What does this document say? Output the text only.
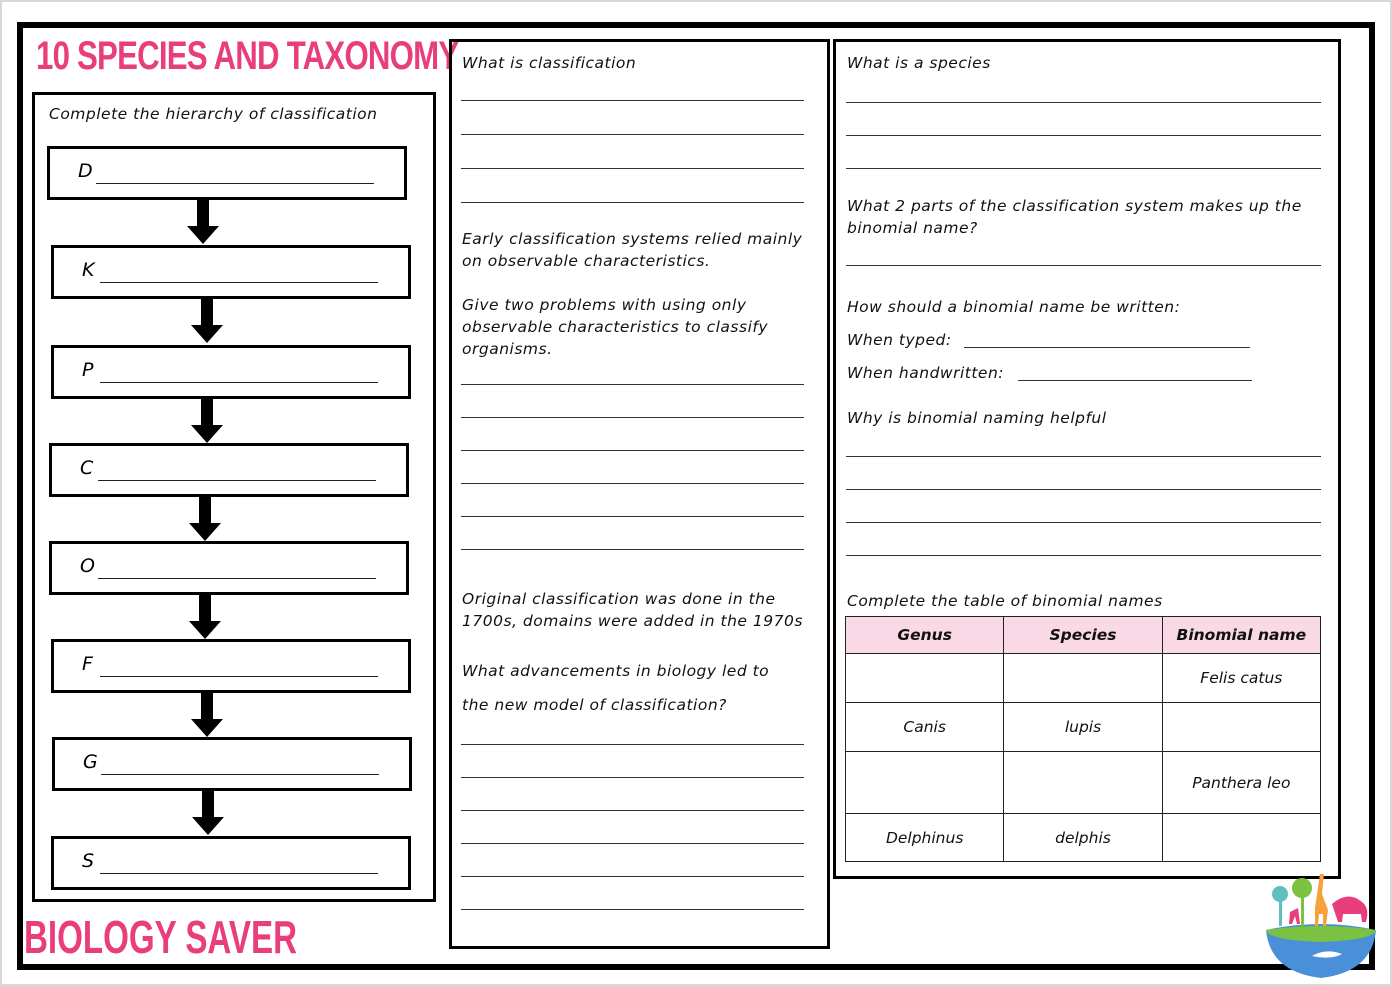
10 SPECIES AND TAXONOMY
Complete the hierarchy of classification
D
K
P
C
O
F
G
S
What is classification
Early classification systems relied mainly on observable characteristics.
Give two problems with using only observable characteristics to classify organisms.
Original classification was done in the 1700s, domains were added in the 1970s
What advancements in biology led to
the new model of classification?
What is a species
What 2 parts of the classification system makes up the binomial name?
How should a binomial name be written:
When typed:
When handwritten:
Why is binomial naming helpful
Complete the table of binomial names
Genus	Species	Binomial name
		Felis catus
Canis	lupis	
		Panthera leo
Delphinus	delphis	
BIOLOGY SAVER
